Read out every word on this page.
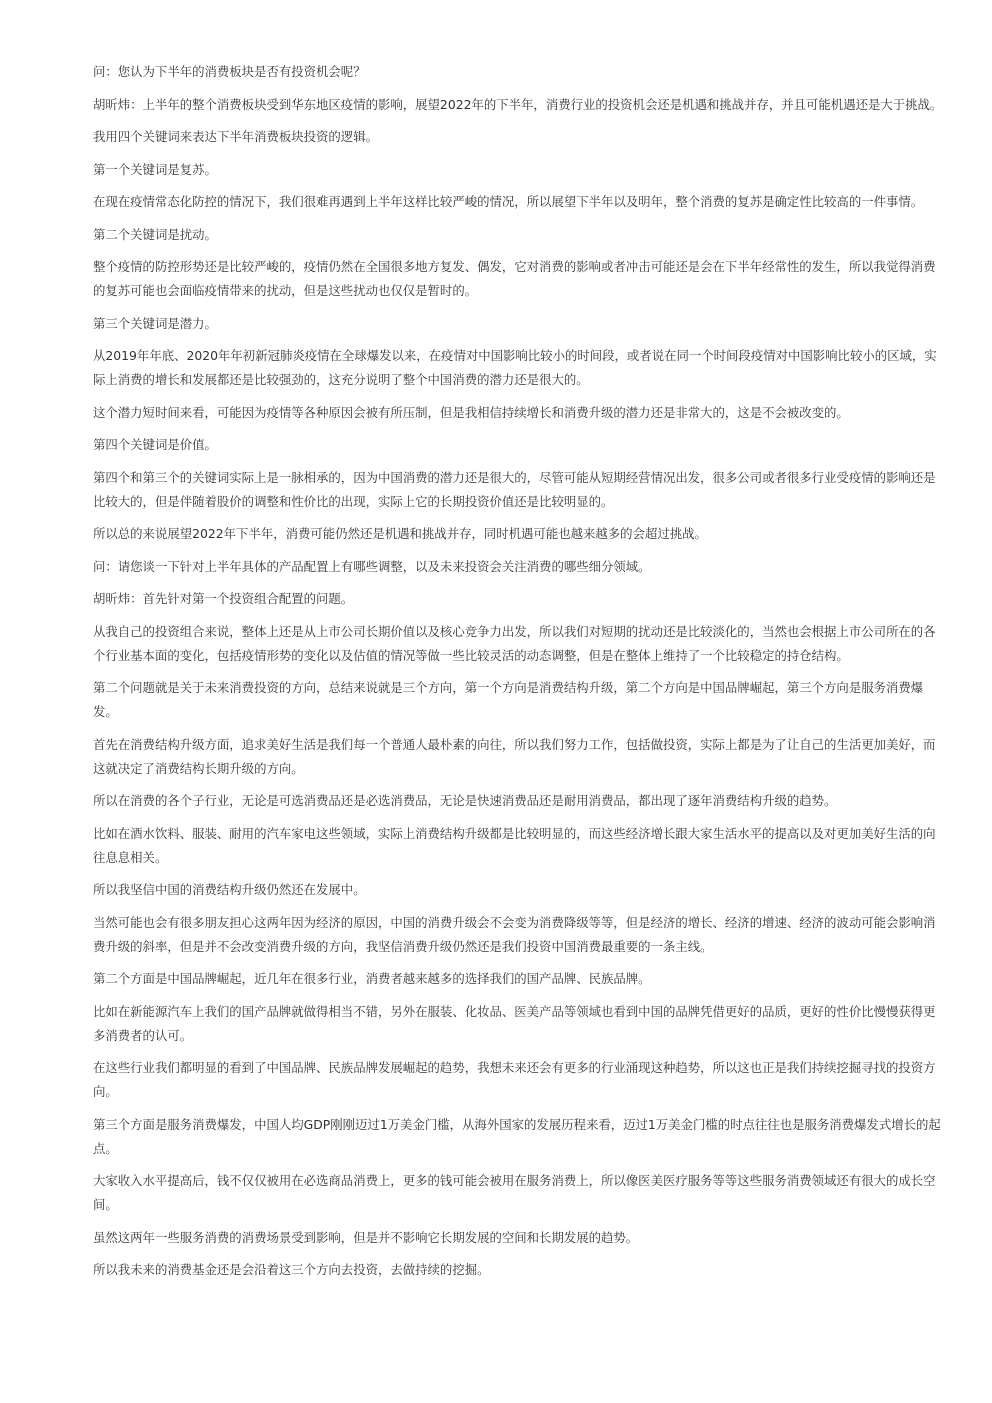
问：您认为下半年的消费板块是否有投资机会呢？

胡昕炜：上半年的整个消费板块受到华东地区疫情的影响，展望2022年的下半年，消费行业的投资机会还是机遇和挑战并存，并且可能机遇还是大于挑战。

我用四个关键词来表达下半年消费板块投资的逻辑。

第一个关键词是复苏。

在现在疫情常态化防控的情况下，我们很难再遇到上半年这样比较严峻的情况，所以展望下半年以及明年，整个消费的复苏是确定性比较高的一件事情。

第二个关键词是扰动。

整个疫情的防控形势还是比较严峻的，疫情仍然在全国很多地方复发、偶发，它对消费的影响或者冲击可能还是会在下半年经常性的发生，所以我觉得消费的复苏可能也会面临疫情带来的扰动，但是这些扰动也仅仅是暂时的。

第三个关键词是潜力。

从2019年年底、2020年年初新冠肺炎疫情在全球爆发以来，在疫情对中国影响比较小的时间段，或者说在同一个时间段疫情对中国影响比较小的区域，实际上消费的增长和发展都还是比较强劲的，这充分说明了整个中国消费的潜力还是很大的。

这个潜力短时间来看，可能因为疫情等各种原因会被有所压制，但是我相信持续增长和消费升级的潜力还是非常大的，这是不会被改变的。

第四个关键词是价值。

第四个和第三个的关键词实际上是一脉相承的，因为中国消费的潜力还是很大的，尽管可能从短期经营情况出发，很多公司或者很多行业受疫情的影响还是比较大的，但是伴随着股价的调整和性价比的出现，实际上它的长期投资价值还是比较明显的。

所以总的来说展望2022年下半年，消费可能仍然还是机遇和挑战并存，同时机遇可能也越来越多的会超过挑战。

问：请您谈一下针对上半年具体的产品配置上有哪些调整，以及未来投资会关注消费的哪些细分领域。

胡昕炜：首先针对第一个投资组合配置的问题。

从我自己的投资组合来说，整体上还是从上市公司长期价值以及核心竞争力出发，所以我们对短期的扰动还是比较淡化的，当然也会根据上市公司所在的各个行业基本面的变化，包括疫情形势的变化以及估值的情况等做一些比较灵活的动态调整，但是在整体上维持了一个比较稳定的持仓结构。

第二个问题就是关于未来消费投资的方向，总结来说就是三个方向，第一个方向是消费结构升级，第二个方向是中国品牌崛起，第三个方向是服务消费爆发。

首先在消费结构升级方面，追求美好生活是我们每一个普通人最朴素的向往，所以我们努力工作，包括做投资，实际上都是为了让自己的生活更加美好，而这就决定了消费结构长期升级的方向。

所以在消费的各个子行业，无论是可选消费品还是必选消费品，无论是快速消费品还是耐用消费品，都出现了逐年消费结构升级的趋势。

比如在酒水饮料、服装、耐用的汽车家电这些领域，实际上消费结构升级都是比较明显的，而这些经济增长跟大家生活水平的提高以及对更加美好生活的向往息息相关。

所以我坚信中国的消费结构升级仍然还在发展中。

当然可能也会有很多朋友担心这两年因为经济的原因，中国的消费升级会不会变为消费降级等等，但是经济的增长、经济的增速、经济的波动可能会影响消费升级的斜率，但是并不会改变消费升级的方向，我坚信消费升级仍然还是我们投资中国消费最重要的一条主线。

第二个方面是中国品牌崛起，近几年在很多行业，消费者越来越多的选择我们的国产品牌、民族品牌。

比如在新能源汽车上我们的国产品牌就做得相当不错，另外在服装、化妆品、医美产品等领域也看到中国的品牌凭借更好的品质，更好的性价比慢慢获得更多消费者的认可。

在这些行业我们都明显的看到了中国品牌、民族品牌发展崛起的趋势，我想未来还会有更多的行业涌现这种趋势，所以这也正是我们持续挖掘寻找的投资方向。

第三个方面是服务消费爆发，中国人均GDP刚刚迈过1万美金门槛，从海外国家的发展历程来看，迈过1万美金门槛的时点往往也是服务消费爆发式增长的起点。

大家收入水平提高后，钱不仅仅被用在必选商品消费上，更多的钱可能会被用在服务消费上，所以像医美医疗服务等等这些服务消费领域还有很大的成长空间。

虽然这两年一些服务消费的消费场景受到影响，但是并不影响它长期发展的空间和长期发展的趋势。

所以我未来的消费基金还是会沿着这三个方向去投资，去做持续的挖掘。
